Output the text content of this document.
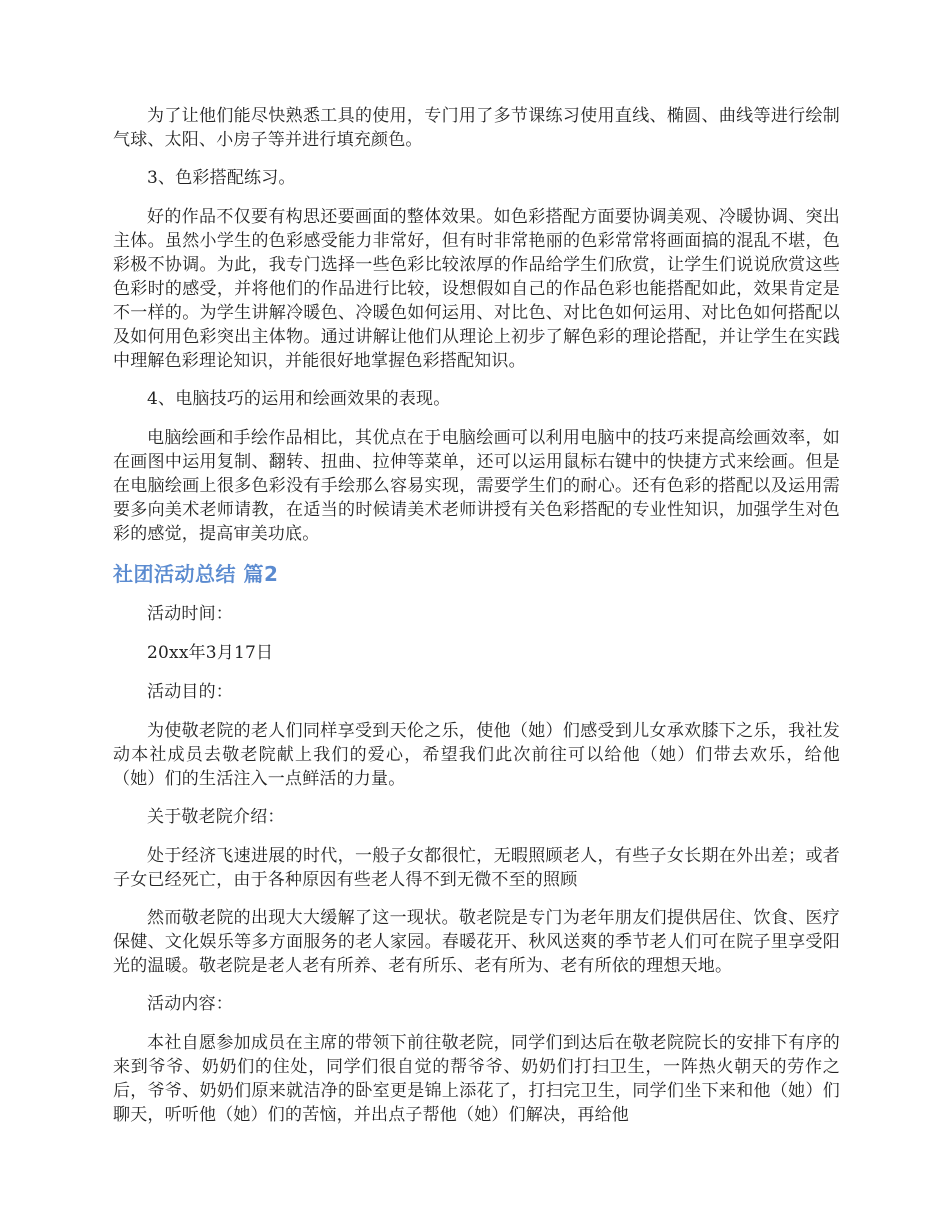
为了让他们能尽快熟悉工具的使用，专门用了多节课练习使用直线、椭圆、曲线等进行绘制气球、太阳、小房子等并进行填充颜色。

3、色彩搭配练习。

好的作品不仅要有构思还要画面的整体效果。如色彩搭配方面要协调美观、冷暖协调、突出主体。虽然小学生的色彩感受能力非常好，但有时非常艳丽的色彩常常将画面搞的混乱不堪，色彩极不协调。为此，我专门选择一些色彩比较浓厚的作品给学生们欣赏，让学生们说说欣赏这些色彩时的感受，并将他们的作品进行比较，设想假如自己的作品色彩也能搭配如此，效果肯定是不一样的。为学生讲解冷暖色、冷暖色如何运用、对比色、对比色如何运用、对比色如何搭配以及如何用色彩突出主体物。通过讲解让他们从理论上初步了解色彩的理论搭配，并让学生在实践中理解色彩理论知识，并能很好地掌握色彩搭配知识。

4、电脑技巧的运用和绘画效果的表现。

电脑绘画和手绘作品相比，其优点在于电脑绘画可以利用电脑中的技巧来提高绘画效率，如在画图中运用复制、翻转、扭曲、拉伸等菜单，还可以运用鼠标右键中的快捷方式来绘画。但是在电脑绘画上很多色彩没有手绘那么容易实现，需要学生们的耐心。还有色彩的搭配以及运用需要多向美术老师请教，在适当的时候请美术老师讲授有关色彩搭配的专业性知识，加强学生对色彩的感觉，提高审美功底。

社团活动总结 篇2

活动时间：

20xx年3月17日

活动目的：

为使敬老院的老人们同样享受到天伦之乐，使他（她）们感受到儿女承欢膝下之乐，我社发动本社成员去敬老院献上我们的爱心，希望我们此次前往可以给他（她）们带去欢乐，给他（她）们的生活注入一点鲜活的力量。

关于敬老院介绍：

处于经济飞速进展的时代，一般子女都很忙，无暇照顾老人，有些子女长期在外出差；或者子女已经死亡，由于各种原因有些老人得不到无微不至的照顾

然而敬老院的出现大大缓解了这一现状。敬老院是专门为老年朋友们提供居住、饮食、医疗保健、文化娱乐等多方面服务的老人家园。春暖花开、秋风送爽的季节老人们可在院子里享受阳光的温暖。敬老院是老人老有所养、老有所乐、老有所为、老有所依的理想天地。

活动内容：

本社自愿参加成员在主席的带领下前往敬老院，同学们到达后在敬老院院长的安排下有序的来到爷爷、奶奶们的住处，同学们很自觉的帮爷爷、奶奶们打扫卫生，一阵热火朝天的劳作之后，爷爷、奶奶们原来就洁净的卧室更是锦上添花了，打扫完卫生，同学们坐下来和他（她）们聊天，听听他（她）们的苦恼，并出点子帮他（她）们解决，再给他
